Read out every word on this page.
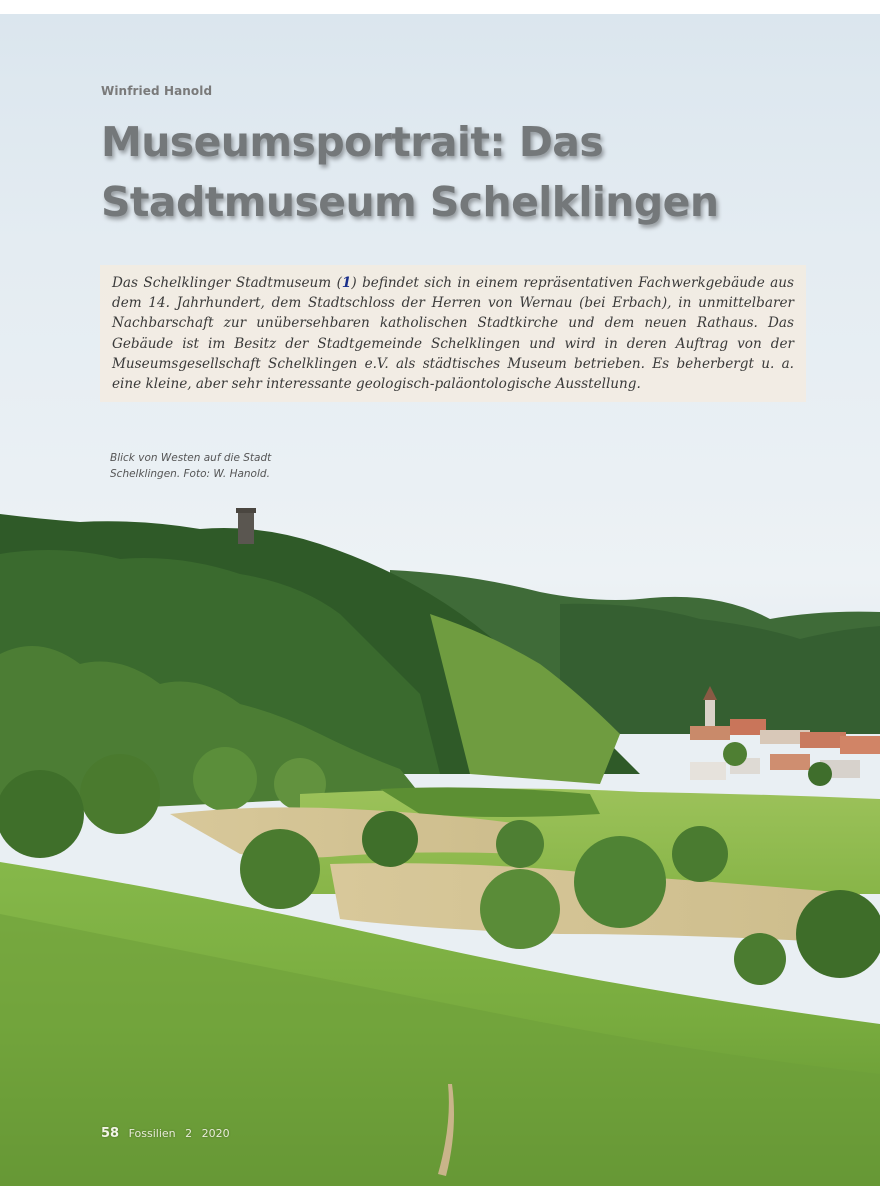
Winfried Hanold

Museumsportrait: Das
Stadtmuseum Schelklingen
Das Schelklinger Stadtmuseum (1) befindet sich in einem repräsentativen Fachwerkgebäude aus dem 14. Jahrhundert, dem Stadtschloss der Herren von Wernau (bei Erbach), in unmittelbarer Nachbarschaft zur unübersehbaren katholischen Stadtkirche und dem neuen Rathaus. Das Gebäude ist im Besitz der Stadtgemeinde Schelklingen und wird in deren Auftrag von der Museumsgesellschaft Schelklingen e.V. als städtisches Museum betrieben. Es beherbergt u. a. eine kleine, aber sehr interessante geologisch-paläontologische Ausstellung.

Blick von Westen auf die Stadt
Schelklingen. Foto: W. Hanold.

58 Fossilien 2 2020
